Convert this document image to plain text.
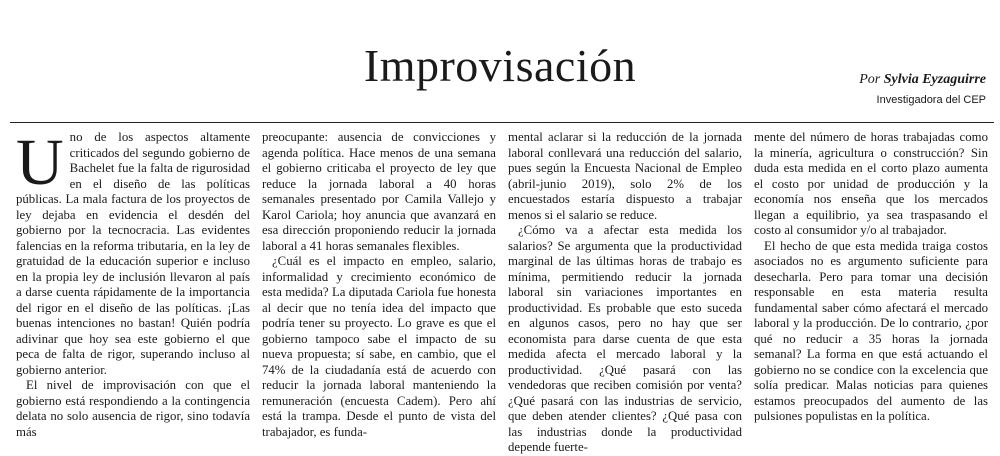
Improvisación	Por Sylvia Eyzaguirre
Investigadora del CEP

Uno de los aspectos altamente criticados del segundo gobierno de Bachelet fue la falta de rigurosidad en el diseño de las políticas públicas. La mala factura de los proyectos de ley dejaba en evidencia el desdén del gobierno por la tecnocracia. Las evidentes falencias en la reforma tributaria, en la ley de gratuidad de la educación superior e incluso en la propia ley de inclusión llevaron al país a darse cuenta rápidamente de la importancia del rigor en el diseño de las políticas. ¡Las buenas intenciones no bastan! Quién podría adivinar que hoy sea este gobierno el que peca de falta de rigor, superando incluso al gobierno anterior.

El nivel de improvisación con que el gobierno está respondiendo a la contingencia delata no solo ausencia de rigor, sino todavía más

preocupante: ausencia de convicciones y agenda política. Hace menos de una semana el gobierno criticaba el proyecto de ley que reduce la jornada laboral a 40 horas semanales presentado por Camila Vallejo y Karol Cariola; hoy anuncia que avanzará en esa dirección proponiendo reducir la jornada laboral a 41 horas semanales flexibles.

¿Cuál es el impacto en empleo, salario, informalidad y crecimiento económico de esta medida? La diputada Cariola fue honesta al decir que no tenía idea del impacto que podría tener su proyecto. Lo grave es que el gobierno tampoco sabe el impacto de su nueva propuesta; sí sabe, en cambio, que el 74% de la ciudadanía está de acuerdo con reducir la jornada laboral manteniendo la remuneración (encuesta Cadem). Pero ahí está la trampa. Desde el punto de vista del trabajador, es funda-

mental aclarar si la reducción de la jornada laboral conllevará una reducción del salario, pues según la Encuesta Nacional de Empleo (abril-junio 2019), solo 2% de los encuestados estaría dispuesto a trabajar menos si el salario se reduce.

¿Cómo va a afectar esta medida los salarios? Se argumenta que la productividad marginal de las últimas horas de trabajo es mínima, permitiendo reducir la jornada laboral sin variaciones importantes en productividad. Es probable que esto suceda en algunos casos, pero no hay que ser economista para darse cuenta de que esta medida afecta el mercado laboral y la productividad. ¿Qué pasará con las vendedoras que reciben comisión por venta? ¿Qué pasará con las industrias de servicio, que deben atender clientes? ¿Qué pasa con las industrias donde la productividad depende fuerte-

mente del número de horas trabajadas como la minería, agricultura o construcción? Sin duda esta medida en el corto plazo aumenta el costo por unidad de producción y la economía nos enseña que los mercados llegan a equilibrio, ya sea traspasando el costo al consumidor y/o al trabajador.

El hecho de que esta medida traiga costos asociados no es argumento suficiente para desecharla. Pero para tomar una decisión responsable en esta materia resulta fundamental saber cómo afectará el mercado laboral y la producción. De lo contrario, ¿por qué no reducir a 35 horas la jornada semanal? La forma en que está actuando el gobierno no se condice con la excelencia que solía predicar. Malas noticias para quienes estamos preocupados del aumento de las pulsiones populistas en la política.
